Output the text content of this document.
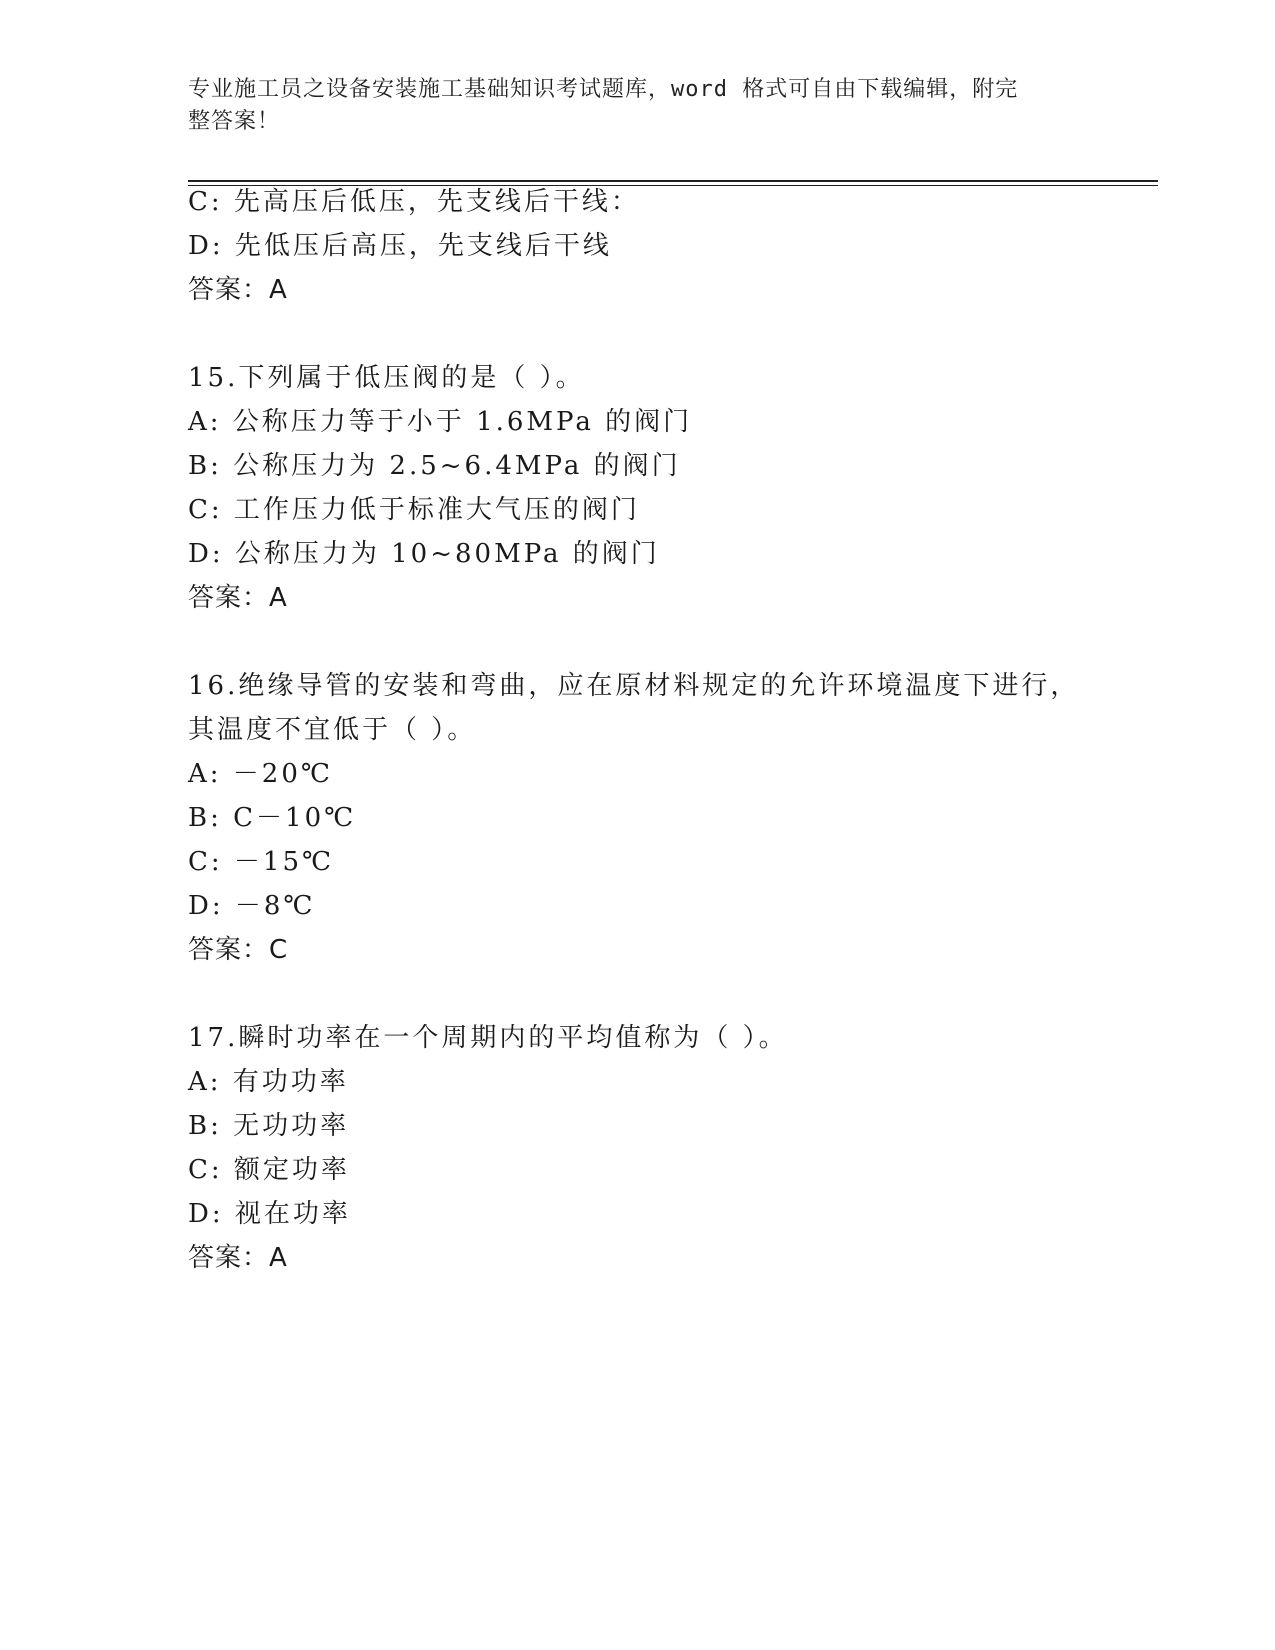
专业施工员之设备安装施工基础知识考试题库，word 格式可自由下载编辑，附完
整答案！
C: 先高压后低压，先支线后干线：
D: 先低压后高压，先支线后干线
答案：A
15.下列属于低压阀的是（ ）。
A: 公称压力等于小于 1.6MPa 的阀门
B: 公称压力为 2.5~6.4MPa 的阀门
C: 工作压力低于标准大气压的阀门
D: 公称压力为 10~80MPa 的阀门
答案：A
16.绝缘导管的安装和弯曲，应在原材料规定的允许环境温度下进行，
其温度不宜低于（ ）。
A: －20℃
B: C－10℃
C: －15℃
D: －8℃
答案：C
17.瞬时功率在一个周期内的平均值称为（ ）。
A: 有功功率
B: 无功功率
C: 额定功率
D: 视在功率
答案：A
